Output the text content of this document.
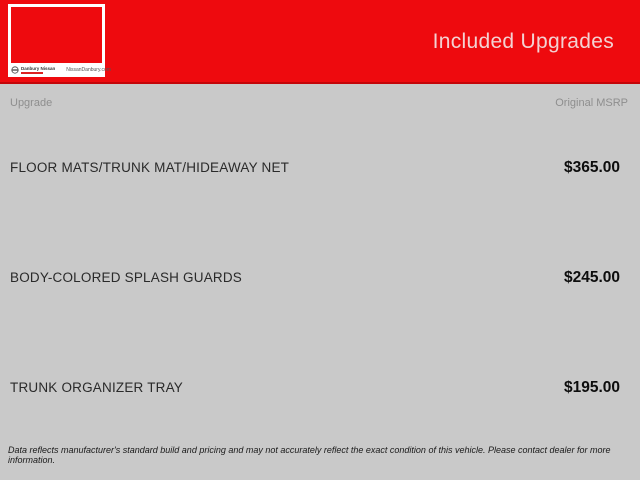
Danbury Nissan NissanDanbury.com
Included Upgrades
Upgrade	Original MSRP
FLOOR MATS/TRUNK MAT/HIDEAWAY NET	$365.00
BODY-COLORED SPLASH GUARDS	$245.00
TRUNK ORGANIZER TRAY	$195.00
Data reflects manufacturer's standard build and pricing and may not accurately reflect the exact condition of this vehicle. Please contact dealer for more information.
